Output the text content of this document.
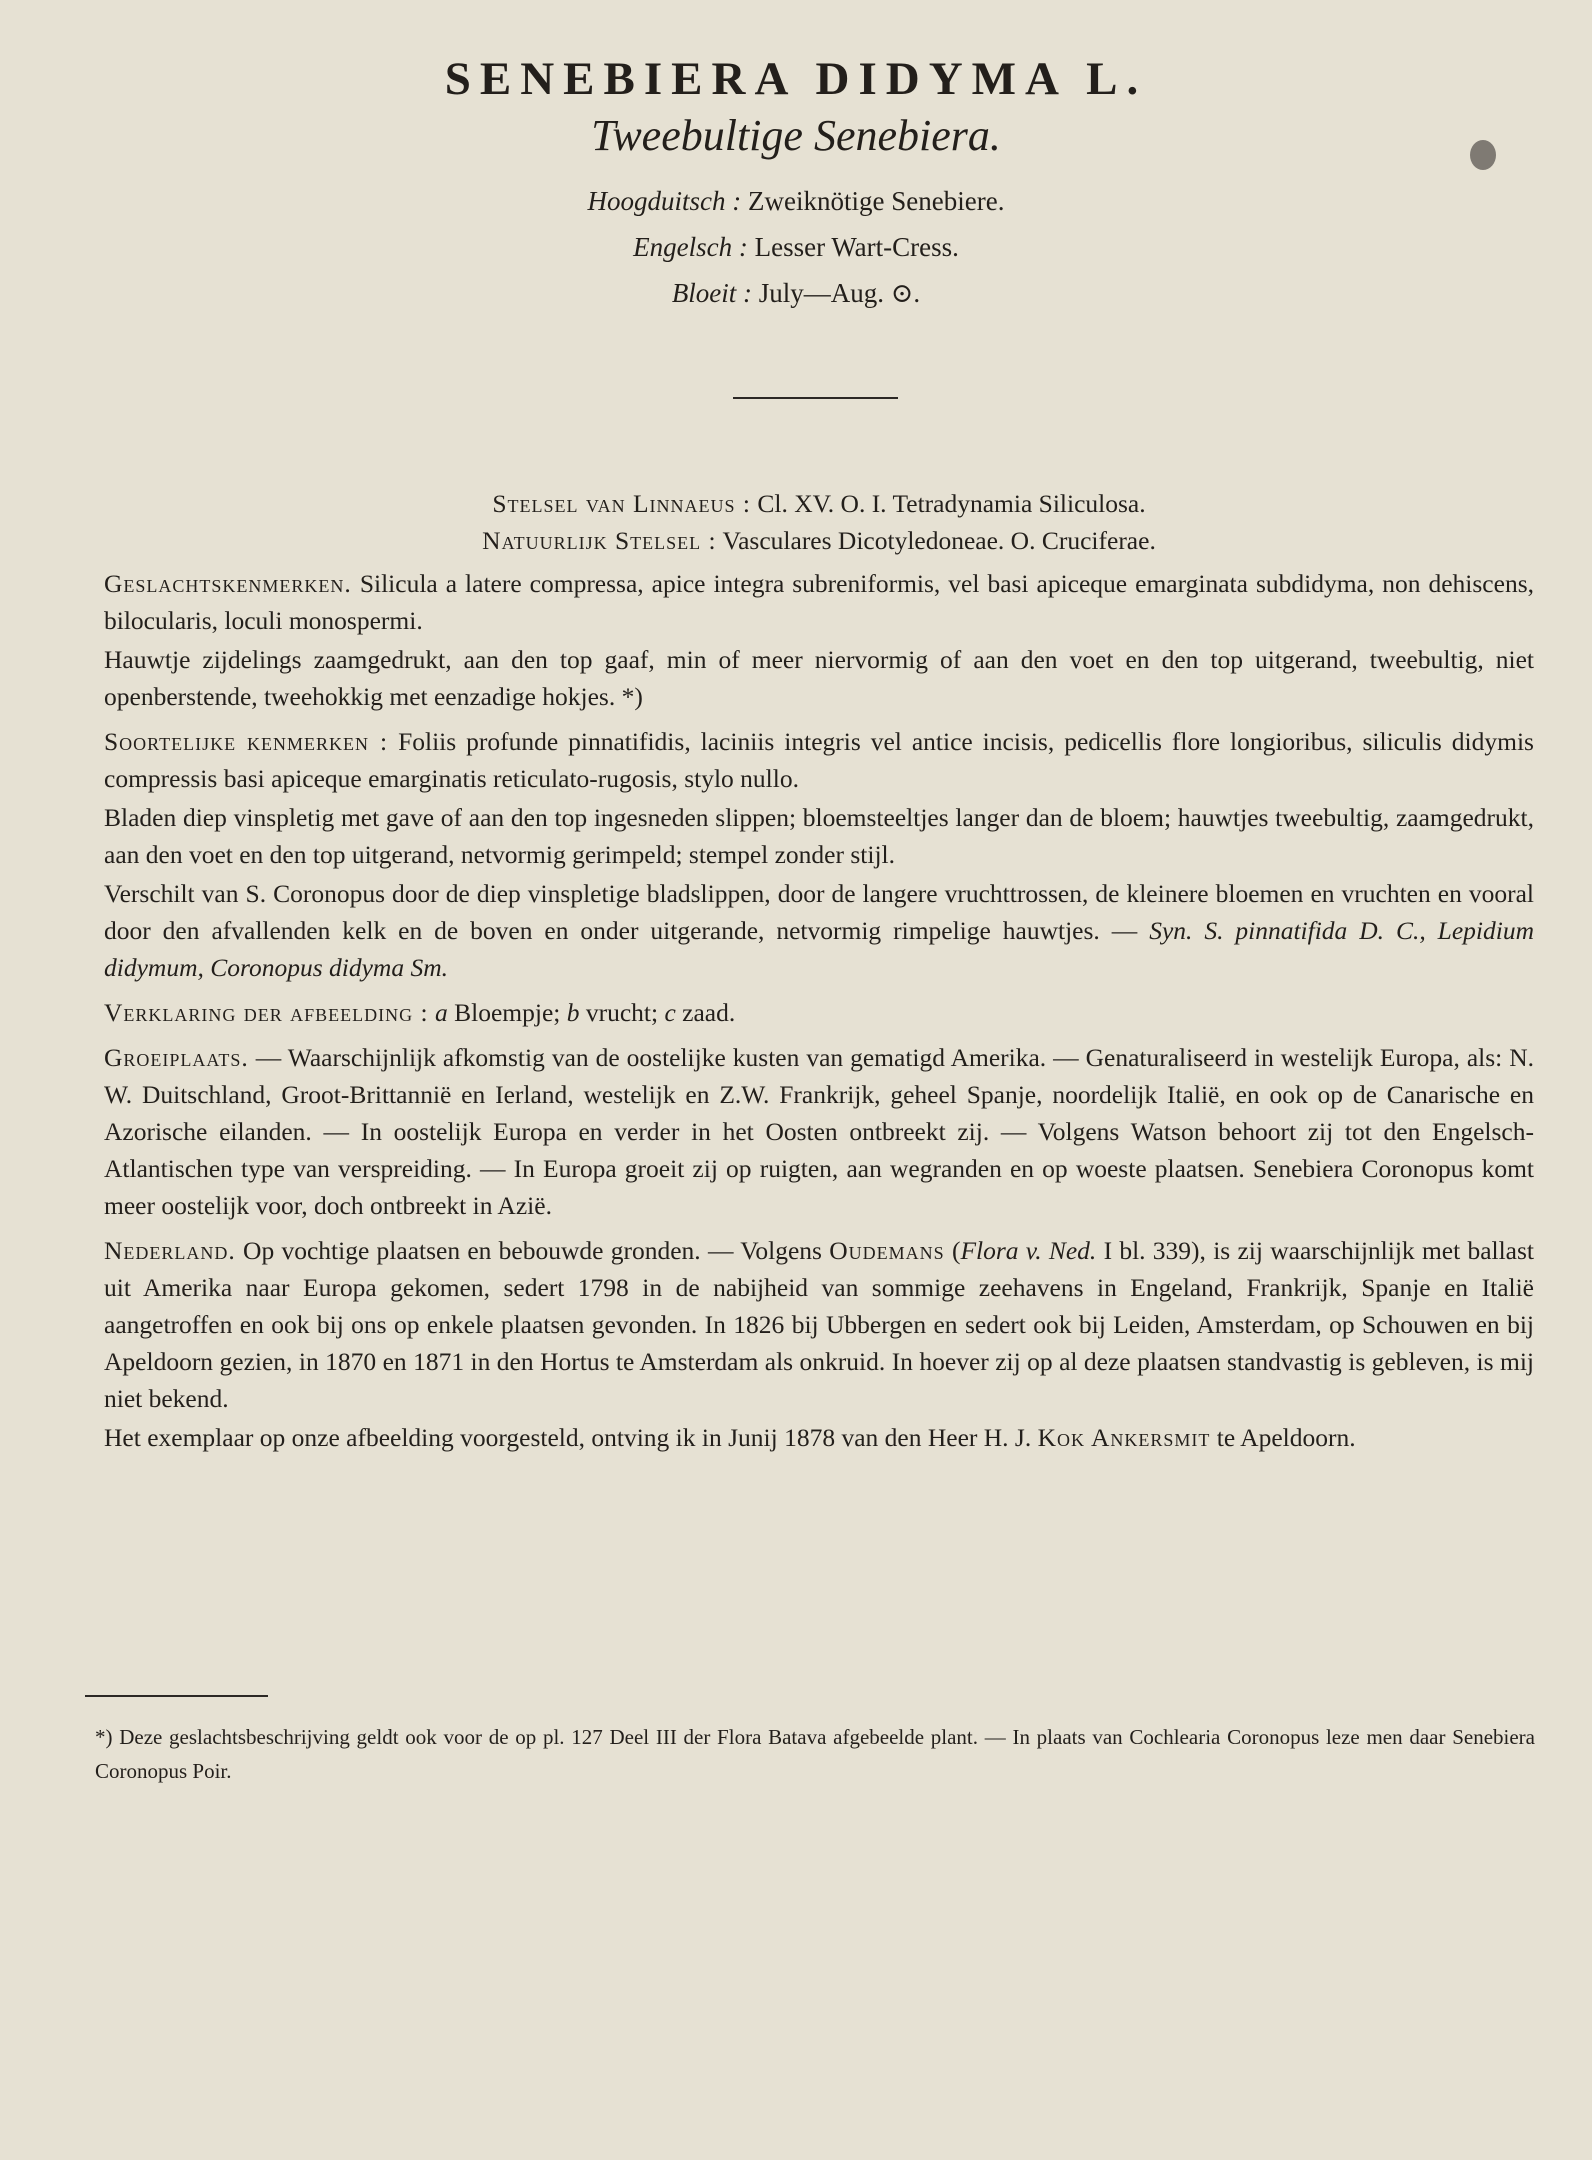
SENEBIERA DIDYMA L.
Tweebultige Senebiera.
Hoogduitsch : Zweiknötige Senebiere.
Engelsch : Lesser Wart-Cress.
Bloeit : July—Aug. ⊙.

Stelsel van Linnaeus : Cl. XV. O. I. Tetradynamia Siliculosa.

Natuurlijk Stelsel : Vasculares Dicotyledoneae. O. Cruciferae.

Geslachtskenmerken. Silicula a latere compressa, apice integra subreniformis, vel basi apiceque emarginata subdidyma, non dehiscens, bilocularis, loculi monospermi.

Hauwtje zijdelings zaamgedrukt, aan den top gaaf, min of meer niervormig of aan den voet en den top uitgerand, tweebultig, niet openberstende, tweehokkig met eenzadige hokjes. *)

Soortelijke kenmerken : Foliis profunde pinnatifidis, laciniis integris vel antice incisis, pedicellis flore longioribus, siliculis didymis compressis basi apiceque emarginatis reticulato-rugosis, stylo nullo.

Bladen diep vinspletig met gave of aan den top ingesneden slippen; bloemsteeltjes langer dan de bloem; hauwtjes tweebultig, zaamgedrukt, aan den voet en den top uitgerand, netvormig gerimpeld; stempel zonder stijl.

Verschilt van S. Coronopus door de diep vinspletige bladslippen, door de langere vruchttrossen, de kleinere bloemen en vruchten en vooral door den afvallenden kelk en de boven en onder uitgerande, netvormig rimpelige hauwtjes. — Syn. S. pinnatifida D. C., Lepidium didymum, Coronopus didyma Sm.

Verklaring der afbeelding : a Bloempje; b vrucht; c zaad.

Groeiplaats. — Waarschijnlijk afkomstig van de oostelijke kusten van gematigd Amerika. — Genaturaliseerd in westelijk Europa, als: N. W. Duitschland, Groot-Brittannië en Ierland, westelijk en Z.W. Frankrijk, geheel Spanje, noordelijk Italië, en ook op de Canarische en Azorische eilanden. — In oostelijk Europa en verder in het Oosten ontbreekt zij. — Volgens Watson behoort zij tot den Engelsch-Atlantischen type van verspreiding. — In Europa groeit zij op ruigten, aan wegranden en op woeste plaatsen. Senebiera Coronopus komt meer oostelijk voor, doch ontbreekt in Azië.

Nederland. Op vochtige plaatsen en bebouwde gronden. — Volgens Oudemans (Flora v. Ned. I bl. 339), is zij waarschijnlijk met ballast uit Amerika naar Europa gekomen, sedert 1798 in de nabijheid van sommige zeehavens in Engeland, Frankrijk, Spanje en Italië aangetroffen en ook bij ons op enkele plaatsen gevonden. In 1826 bij Ubbergen en sedert ook bij Leiden, Amsterdam, op Schouwen en bij Apeldoorn gezien, in 1870 en 1871 in den Hortus te Amsterdam als onkruid. In hoever zij op al deze plaatsen standvastig is gebleven, is mij niet bekend.

Het exemplaar op onze afbeelding voorgesteld, ontving ik in Junij 1878 van den Heer H. J. Kok Ankersmit te Apeldoorn.

*) Deze geslachtsbeschrijving geldt ook voor de op pl. 127 Deel III der Flora Batava afgebeelde plant. — In plaats van Cochlearia Coronopus leze men daar Senebiera Coronopus Poir.
